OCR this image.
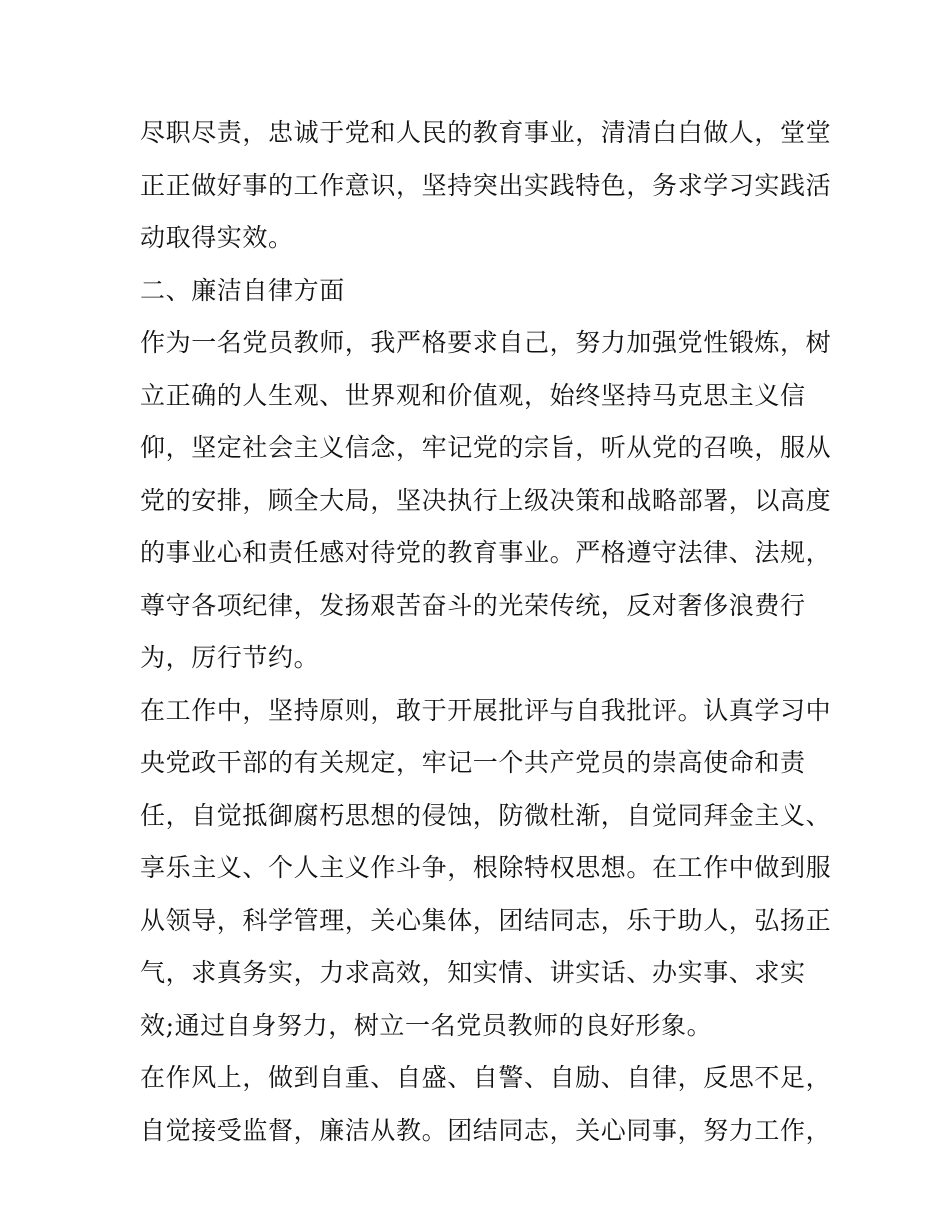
尽职尽责，忠诚于党和人民的教育事业，清清白白做人，堂堂
正正做好事的工作意识，坚持突出实践特色，务求学习实践活
动取得实效。
二、廉洁自律方面
作为一名党员教师，我严格要求自己，努力加强党性锻炼，树
立正确的人生观、世界观和价值观，始终坚持马克思主义信
仰，坚定社会主义信念，牢记党的宗旨，听从党的召唤，服从
党的安排，顾全大局，坚决执行上级决策和战略部署，以高度
的事业心和责任感对待党的教育事业。严格遵守法律、法规，
尊守各项纪律，发扬艰苦奋斗的光荣传统，反对奢侈浪费行
为，厉行节约。
在工作中，坚持原则，敢于开展批评与自我批评。认真学习中
央党政干部的有关规定，牢记一个共产党员的崇高使命和责
任，自觉抵御腐朽思想的侵蚀，防微杜渐，自觉同拜金主义、
享乐主义、个人主义作斗争，根除特权思想。在工作中做到服
从领导，科学管理，关心集体，团结同志，乐于助人，弘扬正
气，求真务实，力求高效，知实情、讲实话、办实事、求实
效;通过自身努力，树立一名党员教师的良好形象。
在作风上，做到自重、自盛、自警、自励、自律，反思不足，
自觉接受监督，廉洁从教。团结同志，关心同事，努力工作，
